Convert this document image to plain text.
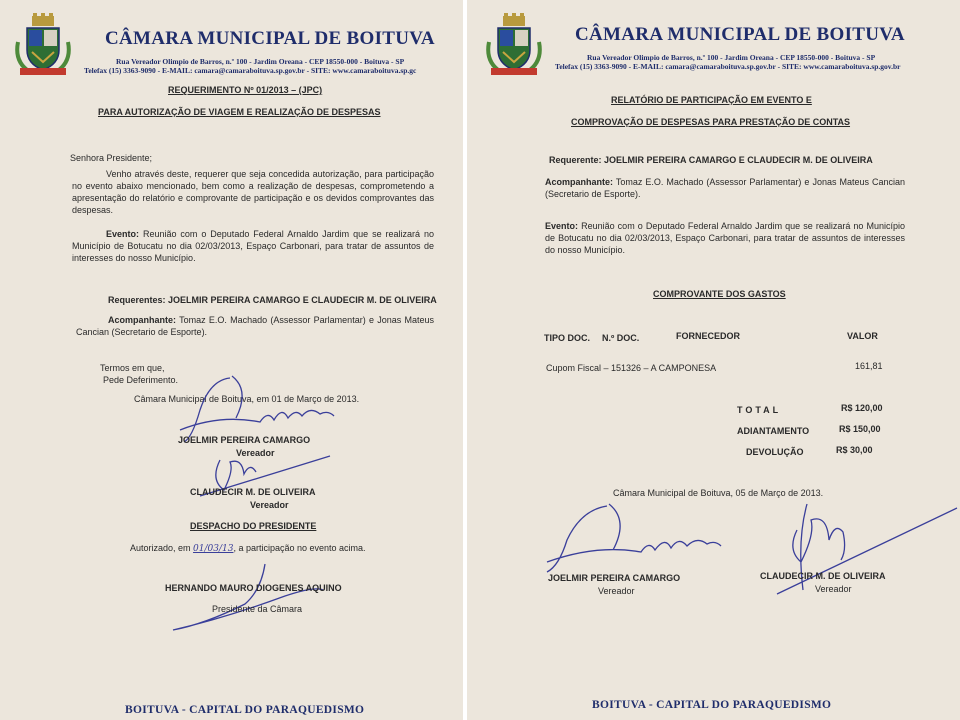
CÂMARA MUNICIPAL DE BOITUVA
Rua Vereador Olimpio de Barros, n.º 100 - Jardim Oreana - CEP 18550-000 - Boituva - SP
Telefax (15) 3363-9090 - E-MAIL: camara@camaraboituva.sp.gov.br - SITE: www.camaraboituva.sp.gc
REQUERIMENTO Nº 01/2013 – (JPC)
PARA AUTORIZAÇÃO DE VIAGEM E REALIZAÇÃO DE DESPESAS
Senhora Presidente;
Venho através deste, requerer que seja concedida autorização, para participação no evento abaixo mencionado, bem como a realização de despesas, comprometendo a apresentação do relatório e comprovante de participação e os devidos comprovantes das despesas.
Evento: Reunião com o Deputado Federal Arnaldo Jardim que se realizará no Município de Botucatu no dia 02/03/2013, Espaço Carbonari, para tratar de assuntos de interesses do nosso Município.
Requerentes: JOELMIR PEREIRA CAMARGO E CLAUDECIR M. DE OLIVEIRA
Acompanhante: Tomaz E.O. Machado (Assessor Parlamentar) e Jonas Mateus Cancian (Secretario de Esporte).
Termos em que,
Pede Deferimento.
Câmara Municipal de Boituva, em 01 de Março de 2013.
JOELMIR PEREIRA CAMARGO
Vereador
CLAUDECIR M. DE OLIVEIRA
Vereador
DESPACHO DO PRESIDENTE
Autorizado, em 01/03/13, a participação no evento acima.
HERNANDO MAURO DIOGENES AQUINO
Presidente da Câmara
BOITUVA - CAPITAL DO PARAQUEDISMO
CÂMARA MUNICIPAL DE BOITUVA
Rua Vereador Olimpio de Barros, n.º 100 - Jardim Oreana - CEP 18550-000 - Boituva - SP
Telefax (15) 3363-9090 - E-MAIL: camara@camaraboituva.sp.gov.br - SITE: www.camaraboituva.sp.gov.br
RELATÓRIO DE PARTICIPAÇÃO EM EVENTO E
COMPROVAÇÃO DE DESPESAS PARA PRESTAÇÃO DE CONTAS
Requerente: JOELMIR PEREIRA CAMARGO E CLAUDECIR M. DE OLIVEIRA
Acompanhante: Tomaz E.O. Machado (Assessor Parlamentar) e Jonas Mateus Cancian (Secretario de Esporte).
Evento: Reunião com o Deputado Federal Arnaldo Jardim que se realizará no Município de Botucatu no dia 02/03/2013, Espaço Carbonari, para tratar de assuntos de interesses do nosso Município.
COMPROVANTE DOS GASTOS
TIPO DOC. N.º DOC.	FORNECEDOR	VALOR
Cupom Fiscal – 151326 – A CAMPONESA	161,81
TOTAL	R$ 120,00
ADIANTAMENTO	R$ 150,00
DEVOLUÇÃO	R$ 30,00
Câmara Municipal de Boituva, 05 de Março de 2013.
JOELMIR PEREIRA CAMARGO
Vereador
CLAUDECIR M. DE OLIVEIRA
Vereador
BOITUVA - CAPITAL DO PARAQUEDISMO
